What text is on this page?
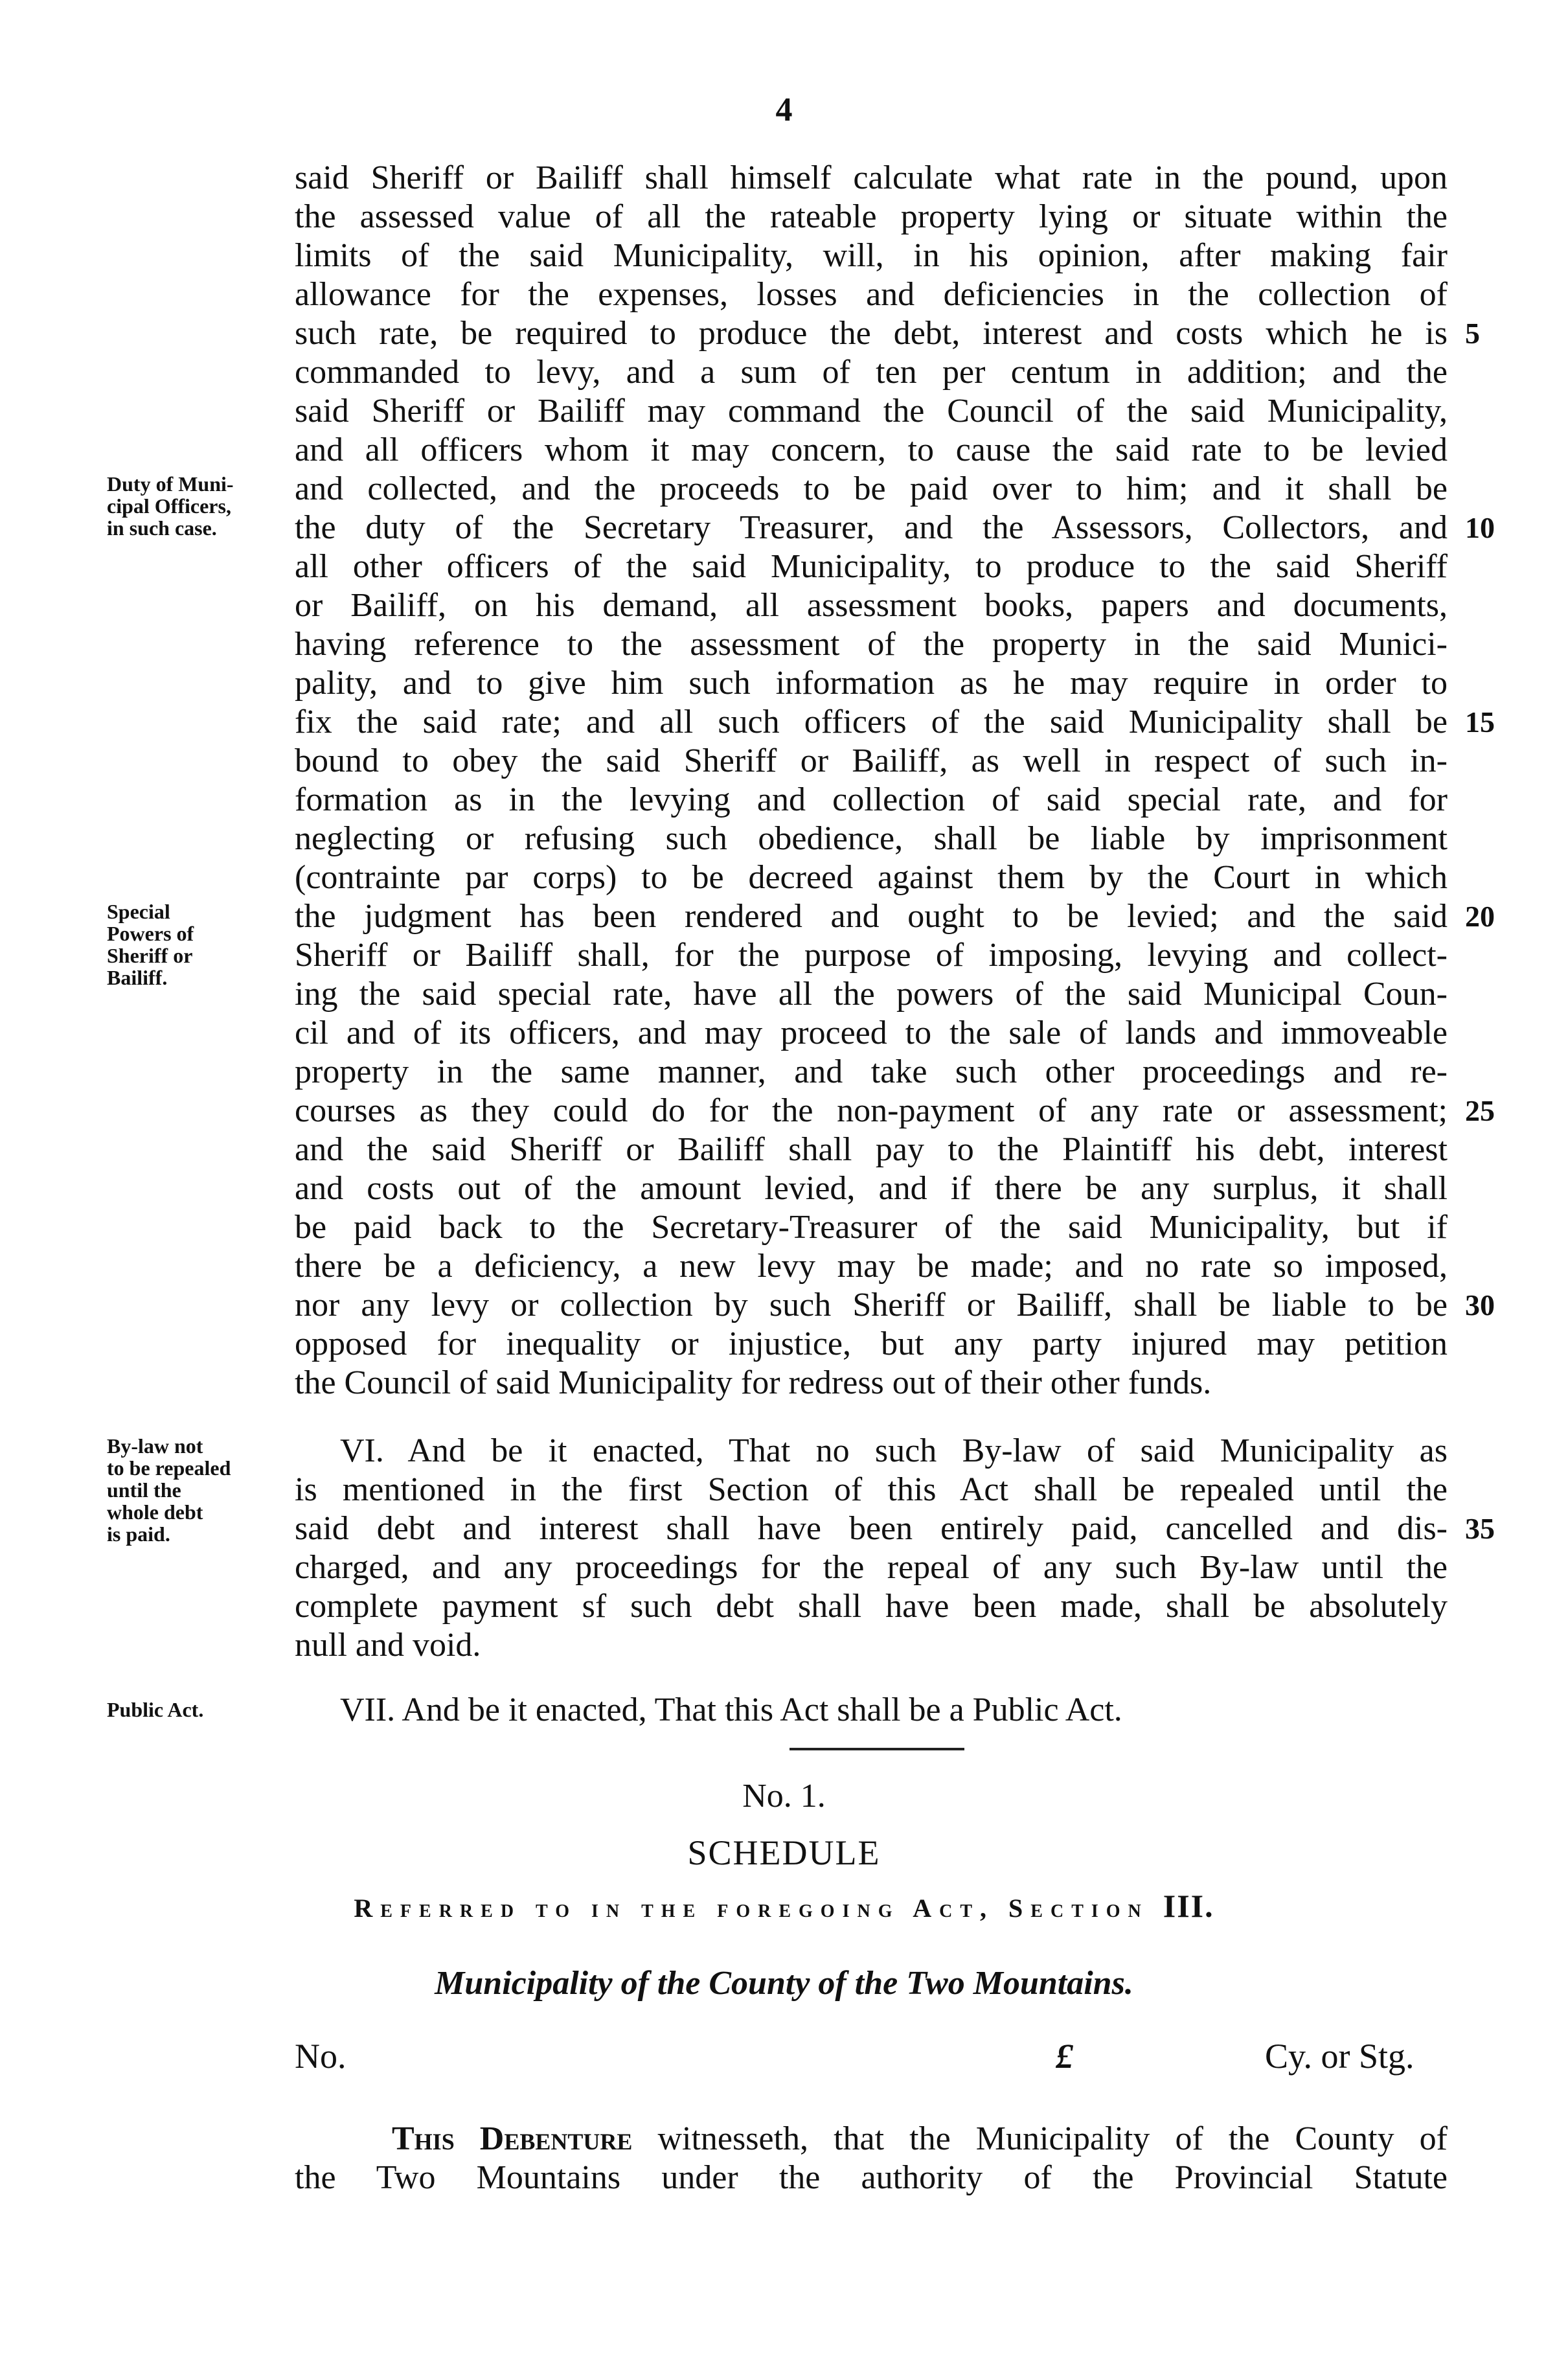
4
said Sheriff or Bailiff shall himself calculate what rate in the pound, upon
the assessed value of all the rateable property lying or situate within the
limits of the said Municipality, will, in his opinion, after making fair
allowance for the expenses, losses and deficiencies in the collection of
such rate, be required to produce the debt, interest and costs which he is
commanded to levy, and a sum of ten per centum in addition; and the
said Sheriff or Bailiff may command the Council of the said Municipality,
and all officers whom it may concern, to cause the said rate to be levied
and collected, and the proceeds to be paid over to him; and it shall be
the duty of the Secretary Treasurer, and the Assessors, Collectors, and
all other officers of the said Municipality, to produce to the said Sheriff
or Bailiff, on his demand, all assessment books, papers and documents,
having reference to the assessment of the property in the said Munici-
pality, and to give him such information as he may require in order to
fix the said rate; and all such officers of the said Municipality shall be
bound to obey the said Sheriff or Bailiff, as well in respect of such in-
formation as in the levying and collection of said special rate, and for
neglecting or refusing such obedience, shall be liable by imprisonment
(contrainte par corps) to be decreed against them by the Court in which
the judgment has been rendered and ought to be levied; and the said
Sheriff or Bailiff shall, for the purpose of imposing, levying and collect-
ing the said special rate, have all the powers of the said Municipal Coun-
cil and of its officers, and may proceed to the sale of lands and immoveable
property in the same manner, and take such other proceedings and re-
courses as they could do for the non-payment of any rate or assessment;
and the said Sheriff or Bailiff shall pay to the Plaintiff his debt, interest
and costs out of the amount levied, and if there be any surplus, it shall
be paid back to the Secretary-Treasurer of the said Municipality, but if
there be a deficiency, a new levy may be made; and no rate so imposed,
nor any levy or collection by such Sheriff or Bailiff, shall be liable to be
opposed for inequality or injustice, but any party injured may petition
the Council of said Municipality for redress out of their other funds.
VI. And be it enacted, That no such By-law of said Municipality as
is mentioned in the first Section of this Act shall be repealed until the
said debt and interest shall have been entirely paid, cancelled and dis-
charged, and any proceedings for the repeal of any such By-law until the
complete payment sf such debt shall have been made, shall be absolutely
null and void.
VII. And be it enacted, That this Act shall be a Public Act.
5
10
15
20
25
30
35
Duty of Muni-
cipal Officers,
in such case.
Special
Powers of
Sheriff or
Bailiff.
By-law not
to be repealed
until the
whole debt
is paid.
Public Act.
No. 1.
SCHEDULE
Referred to in the foregoing Act, Section III.
Municipality of the County of the Two Mountains.
No.	£	Cy. or Stg.
This Debenture witnesseth, that the Municipality of the County of
the Two Mountains under the authority of the Provincial Statute
